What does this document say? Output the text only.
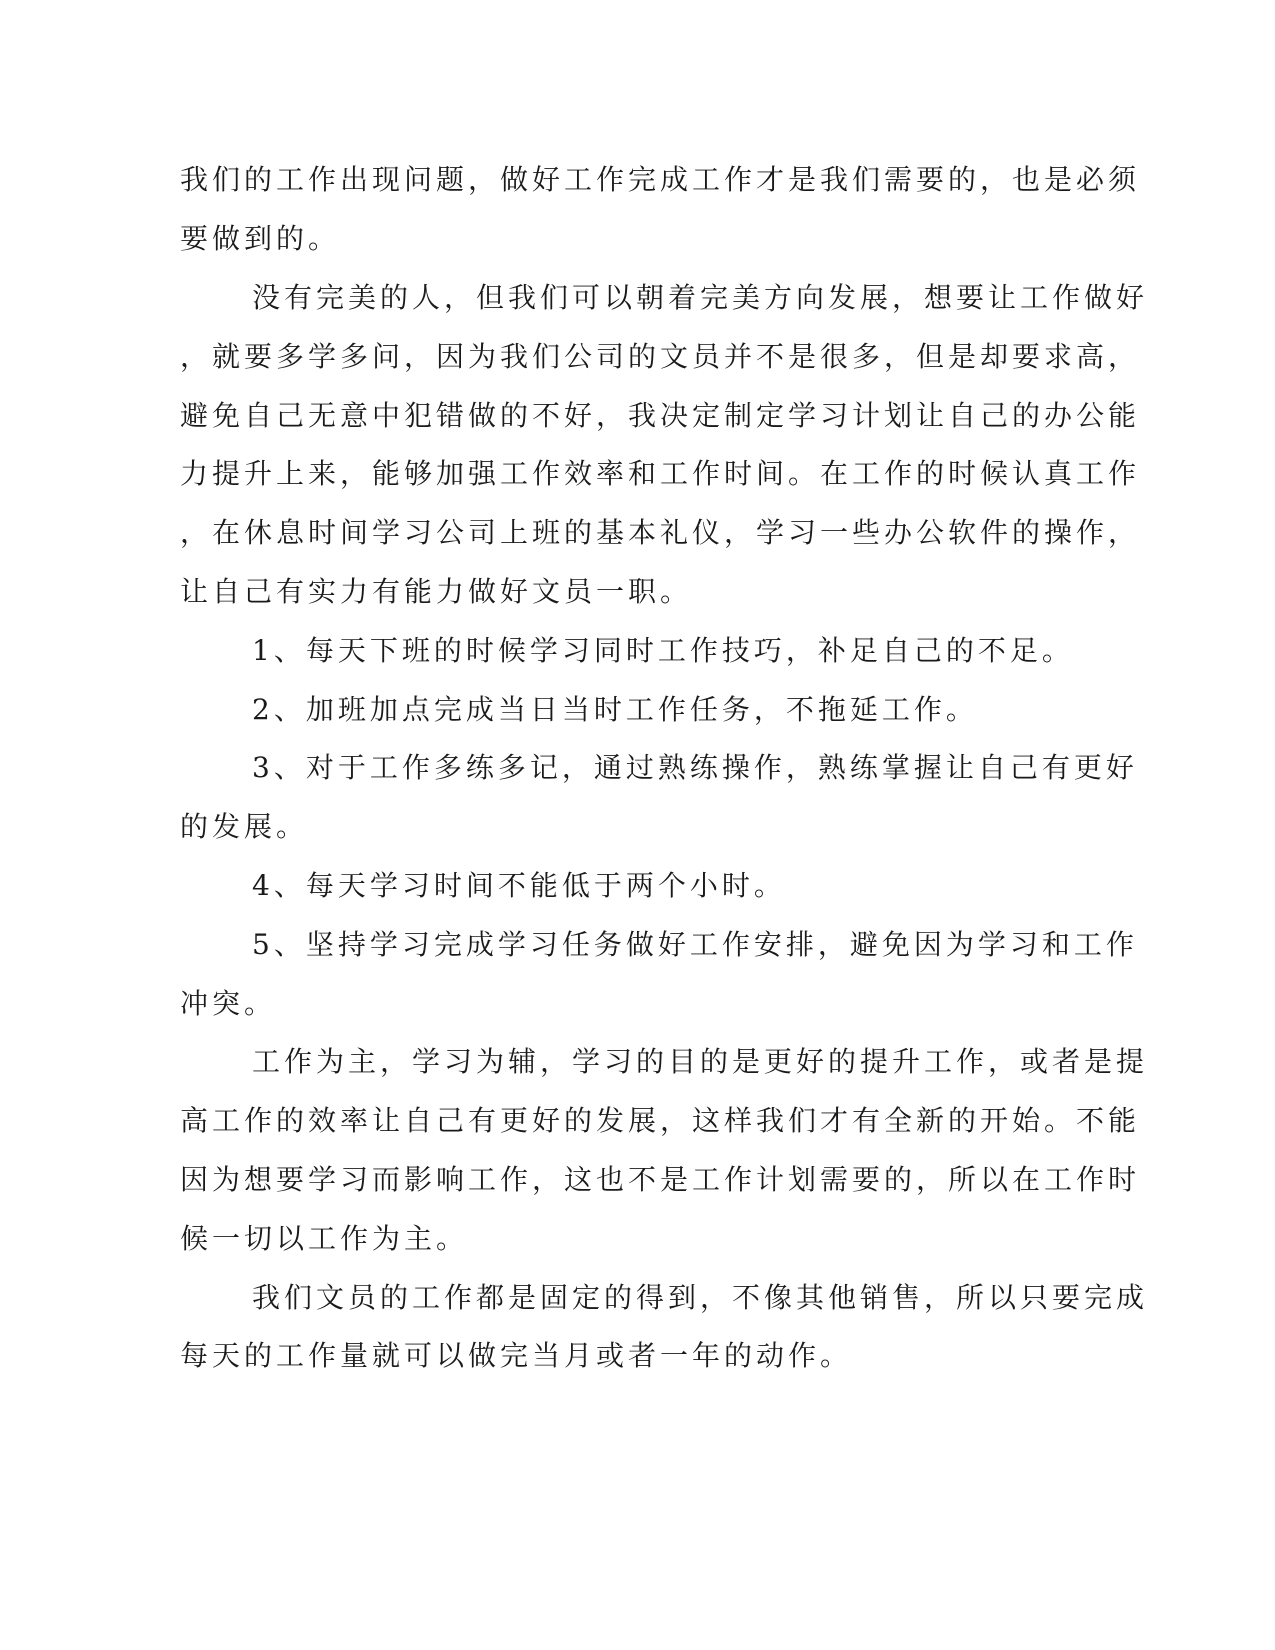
我们的工作出现问题，做好工作完成工作才是我们需要的，也是必须
要做到的。
没有完美的人，但我们可以朝着完美方向发展，想要让工作做好
，就要多学多问，因为我们公司的文员并不是很多，但是却要求高，
避免自己无意中犯错做的不好，我决定制定学习计划让自己的办公能
力提升上来，能够加强工作效率和工作时间。在工作的时候认真工作
，在休息时间学习公司上班的基本礼仪，学习一些办公软件的操作，
让自己有实力有能力做好文员一职。
1、每天下班的时候学习同时工作技巧，补足自己的不足。
2、加班加点完成当日当时工作任务，不拖延工作。
3、对于工作多练多记，通过熟练操作，熟练掌握让自己有更好
的发展。
4、每天学习时间不能低于两个小时。
5、坚持学习完成学习任务做好工作安排，避免因为学习和工作
冲突。
工作为主，学习为辅，学习的目的是更好的提升工作，或者是提
高工作的效率让自己有更好的发展，这样我们才有全新的开始。不能
因为想要学习而影响工作，这也不是工作计划需要的，所以在工作时
候一切以工作为主。
我们文员的工作都是固定的得到，不像其他销售，所以只要完成
每天的工作量就可以做完当月或者一年的动作。
